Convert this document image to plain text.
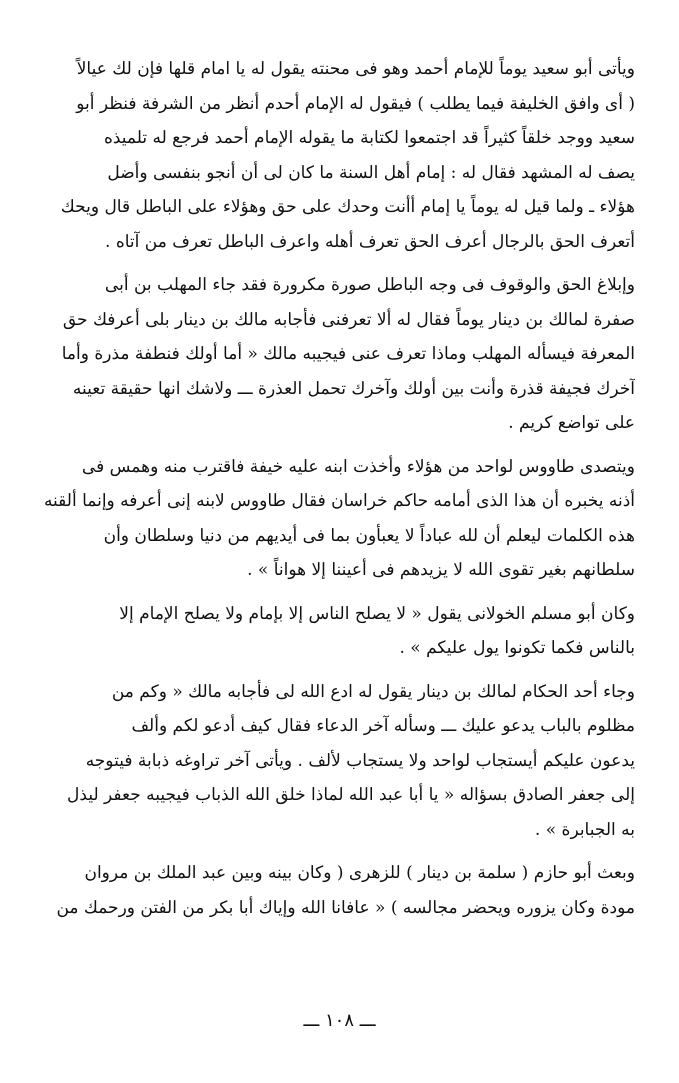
ويأتى أبو سعيد يوماً للإمام أحمد وهو فى محنته يقول له يا امام قلها فإن لك عيالاً
( أى وافق الخليفة فيما يطلب ) فيقول له الإمام أحدم أنظر من الشرفة فنظر أبو
سعيد ووجد خلقاً كثيراً قد اجتمعوا لكتابة ما يقوله الإمام أحمد فرجع له تلميذه
يصف له المشهد فقال له : إمام أهل السنة ما كان لى أن أنجو بنفسى وأضل
هؤلاء ـ ولما قيل له يوماً يا إمام أأنت وحدك على حق وهؤلاء على الباطل قال ويحك
أتعرف الحق بالرجال أعرف الحق تعرف أهله واعرف الباطل تعرف من آتاه .

وإبلاغ الحق والوقوف فى وجه الباطل صورة مكرورة فقد جاء المهلب بن أبى
صفرة لمالك بن دينار يوماً فقال له ألا تعرفنى فأجابه مالك بن دينار بلى أعرفك حق
المعرفة فيسأله المهلب وماذا تعرف عنى فيجيبه مالك « أما أولك فنطفة مذرة وأما
آخرك فجيفة قذرة وأنت بين أولك وآخرك تحمل العذرة ـــ ولاشك انها حقيقة تعينه
على تواضع كريم .

ويتصدى طاووس لواحد من هؤلاء وأخذت ابنه عليه خيفة فاقترب منه وهمس فى
أذنه يخبره أن هذا الذى أمامه حاكم خراسان فقال طاووس لابنه إنى أعرفه وإنما ألقنه
هذه الكلمات ليعلم أن لله عباداً لا يعبأون بما فى أيديهم من دنيا وسلطان وأن
سلطانهم بغير تقوى الله لا يزيدهم فى أعيننا إلا هواناً » .

وكان أبو مسلم الخولانى يقول « لا يصلح الناس إلا بإمام ولا يصلح الإمام إلا
بالناس فكما تكونوا يول عليكم » .

وجاء أحد الحكام لمالك بن دينار يقول له ادع الله لى فأجابه مالك « وكم من
مظلوم بالباب يدعو عليك ـــ وسأله آخر الدعاء فقال كيف أدعو لكم وألف
يدعون عليكم أيستجاب لواحد ولا يستجاب لألف . ويأتى آخر تراوغه ذبابة فيتوجه
إلى جعفر الصادق بسؤاله « يا أبا عبد الله لماذا خلق الله الذباب فيجيبه جعفر ليذل
به الجبابرة » .

وبعث أبو حازم ( سلمة بن دينار ) للزهرى ( وكان بينه وبين عبد الملك بن مروان
مودة وكان يزوره ويحضر مجالسه ) « عافانا الله وإياك أبا بكر من الفتن ورحمك من

ـــ ١٠٨ ـــ
